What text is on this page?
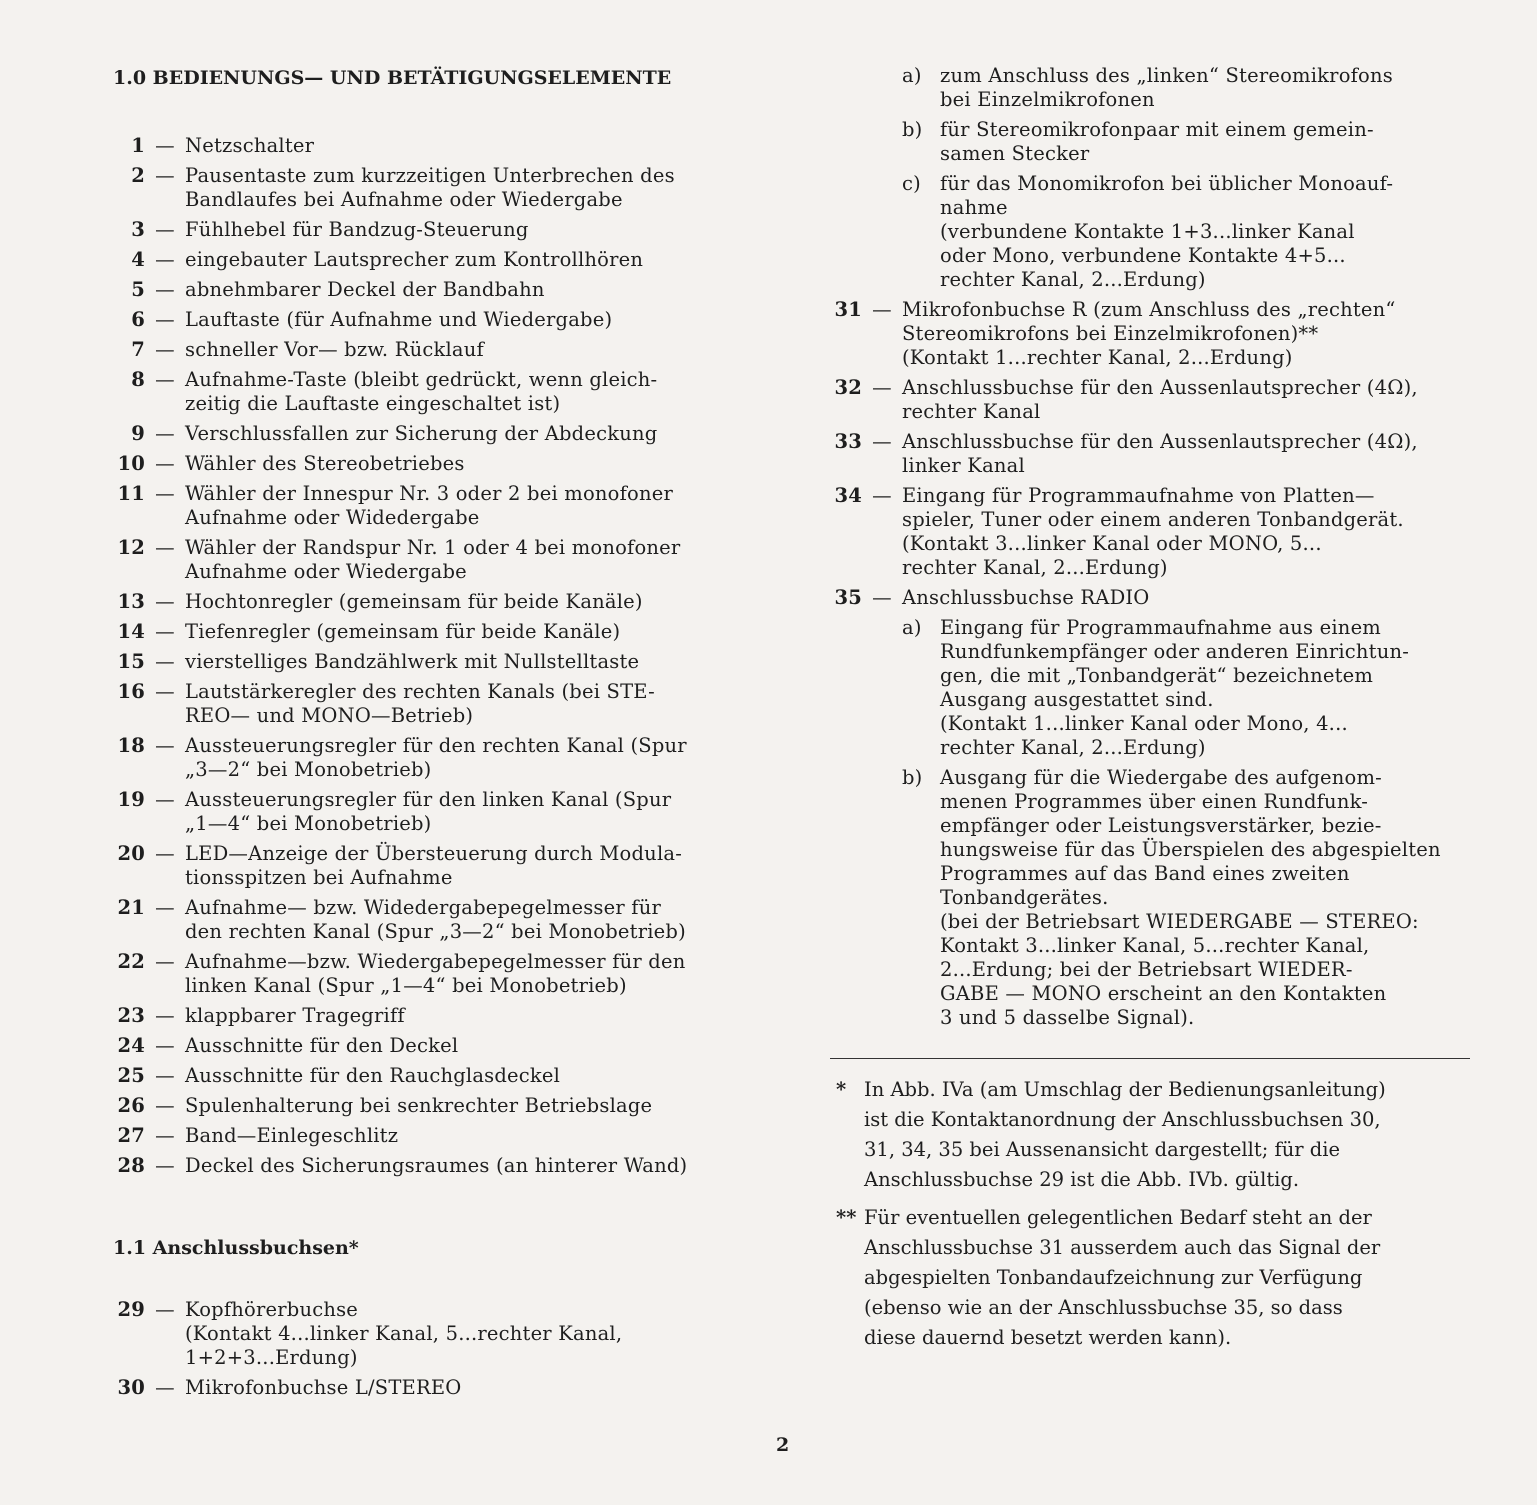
1.0 BEDIENUNGS— UND BETÄTIGUNGSELEMENTE
1 — Netzschalter
2 — Pausentaste zum kurzzeitigen Unterbrechen des
Bandlaufes bei Aufnahme oder Wiedergabe
3 — Fühlhebel für Bandzug-Steuerung
4 — eingebauter Lautsprecher zum Kontrollhören
5 — abnehmbarer Deckel der Bandbahn
6 — Lauftaste (für Aufnahme und Wiedergabe)
7 — schneller Vor— bzw. Rücklauf
8 — Aufnahme-Taste (bleibt gedrückt, wenn gleich-
zeitig die Lauftaste eingeschaltet ist)
9 — Verschlussfallen zur Sicherung der Abdeckung
10 — Wähler des Stereobetriebes
11 — Wähler der Innespur Nr. 3 oder 2 bei monofoner
Aufnahme oder Widedergabe
12 — Wähler der Randspur Nr. 1 oder 4 bei monofoner
Aufnahme oder Wiedergabe
13 — Hochtonregler (gemeinsam für beide Kanäle)
14 — Tiefenregler (gemeinsam für beide Kanäle)
15 — vierstelliges Bandzählwerk mit Nullstelltaste
16 — Lautstärkeregler des rechten Kanals (bei STE-
REO— und MONO—Betrieb)
18 — Aussteuerungsregler für den rechten Kanal (Spur
„3—2“ bei Monobetrieb)
19 — Aussteuerungsregler für den linken Kanal (Spur
„1—4“ bei Monobetrieb)
20 — LED—Anzeige der Übersteuerung durch Modula-
tionsspitzen bei Aufnahme
21 — Aufnahme— bzw. Widedergabepegelmesser für
den rechten Kanal (Spur „3—2“ bei Monobetrieb)
22 — Aufnahme—bzw. Wiedergabepegelmesser für den
linken Kanal (Spur „1—4“ bei Monobetrieb)
23 — klappbarer Tragegriff
24 — Ausschnitte für den Deckel
25 — Ausschnitte für den Rauchglasdeckel
26 — Spulenhalterung bei senkrechter Betriebslage
27 — Band—Einlegeschlitz
28 — Deckel des Sicherungsraumes (an hinterer Wand)
1.1 Anschlussbuchsen*
29 — Kopfhörerbuchse
(Kontakt 4...linker Kanal, 5...rechter Kanal,
1+2+3...Erdung)
30 — Mikrofonbuchse L/STEREO
a) zum Anschluss des „linken“ Stereomikrofons
bei Einzelmikrofonen
b) für Stereomikrofonpaar mit einem gemein-
samen Stecker
c) für das Monomikrofon bei üblicher Monoauf-
nahme
(verbundene Kontakte 1+3...linker Kanal
oder Mono, verbundene Kontakte 4+5...
rechter Kanal, 2...Erdung)
31 — Mikrofonbuchse R (zum Anschluss des „rechten“
Stereomikrofons bei Einzelmikrofonen)**
(Kontakt 1...rechter Kanal, 2...Erdung)
32 — Anschlussbuchse für den Aussenlautsprecher (4Ω),
rechter Kanal
33 — Anschlussbuchse für den Aussenlautsprecher (4Ω),
linker Kanal
34 — Eingang für Programmaufnahme von Platten—
spieler, Tuner oder einem anderen Tonbandgerät.
(Kontakt 3...linker Kanal oder MONO, 5...
rechter Kanal, 2...Erdung)
35 — Anschlussbuchse RADIO
a) Eingang für Programmaufnahme aus einem
Rundfunkempfänger oder anderen Einrichtun-
gen, die mit „Tonbandgerät“ bezeichnetem
Ausgang ausgestattet sind.
(Kontakt 1...linker Kanal oder Mono, 4...
rechter Kanal, 2...Erdung)
b) Ausgang für die Wiedergabe des aufgenom-
menen Programmes über einen Rundfunk-
empfänger oder Leistungsverstärker, bezie-
hungsweise für das Überspielen des abgespielten
Programmes auf das Band eines zweiten
Tonbandgerätes.
(bei der Betriebsart WIEDERGABE — STEREO:
Kontakt 3...linker Kanal, 5...rechter Kanal,
2...Erdung; bei der Betriebsart WIEDER-
GABE — MONO erscheint an den Kontakten
3 und 5 dasselbe Signal).
* In Abb. IVa (am Umschlag der Bedienungsanleitung)
ist die Kontaktanordnung der Anschlussbuchsen 30,
31, 34, 35 bei Aussenansicht dargestellt; für die
Anschlussbuchse 29 ist die Abb. IVb. gültig.
** Für eventuellen gelegentlichen Bedarf steht an der
Anschlussbuchse 31 ausserdem auch das Signal der
abgespielten Tonbandaufzeichnung zur Verfügung
(ebenso wie an der Anschlussbuchse 35, so dass
diese dauernd besetzt werden kann).
2
